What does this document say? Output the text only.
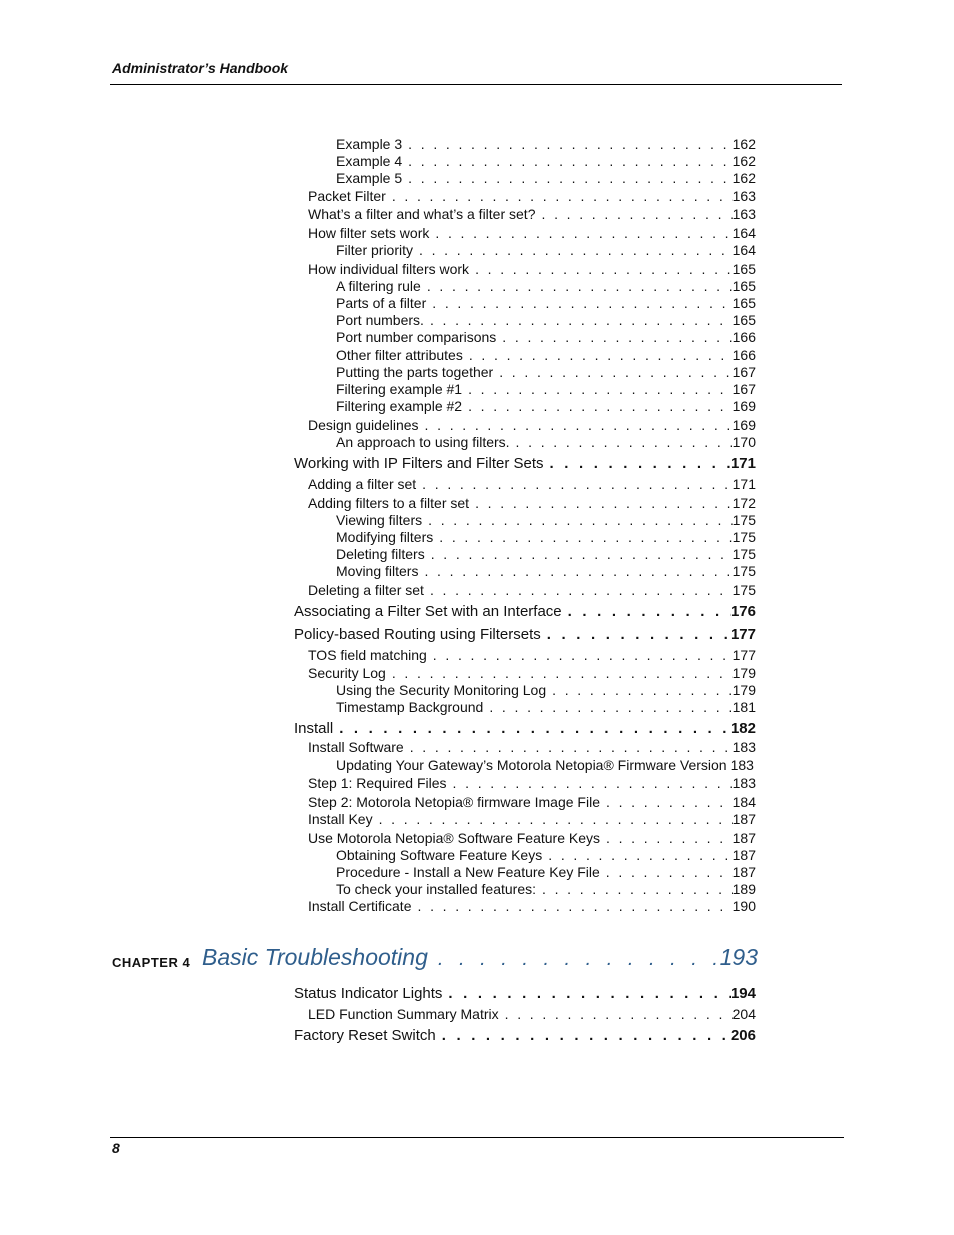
Administrator’s Handbook
Example 3 . . .	162
Example 4 . . .	162
Example 5 . . .	162
Packet Filter . . .	163
What’s a filter and what’s a filter set? . . .	163
How filter sets work . . .	164
Filter priority . . .	164
How individual filters work . . .	165
A filtering rule . . .	165
Parts of a filter . . .	165
Port numbers. . . .	165
Port number comparisons . . .	166
Other filter attributes . . .	166
Putting the parts together . . .	167
Filtering example #1 . . .	167
Filtering example #2 . . .	169
Design guidelines . . .	169
An approach to using filters. . . .	170
Working with IP Filters and Filter Sets . . .	171
Adding a filter set . . .	171
Adding filters to a filter set . . .	172
Viewing filters . . .	175
Modifying filters . . .	175
Deleting filters . . .	175
Moving filters . . .	175
Deleting a filter set . . .	175
Associating a Filter Set with an Interface . . .	176
Policy-based Routing using Filtersets . . .	177
TOS field matching . . .	177
Security Log . . .	179
Using the Security Monitoring Log . . .	179
Timestamp Background . . .	181
Install . . .	182
Install Software . . .	183
Updating Your Gateway’s Motorola Netopia® Firmware Version 183
Step 1: Required Files . . .	183
Step 2: Motorola Netopia® firmware Image File . . .	184
Install Key . . .	187
Use Motorola Netopia® Software Feature Keys . . .	187
Obtaining Software Feature Keys . . .	187
Procedure - Install a New Feature Key File . . .	187
To check your installed features: . . .	189
Install Certificate . . .	190
CHAPTER 4 Basic Troubleshooting . . .	193
Status Indicator Lights . . .	194
LED Function Summary Matrix . . .	204
Factory Reset Switch . . .	206
8
